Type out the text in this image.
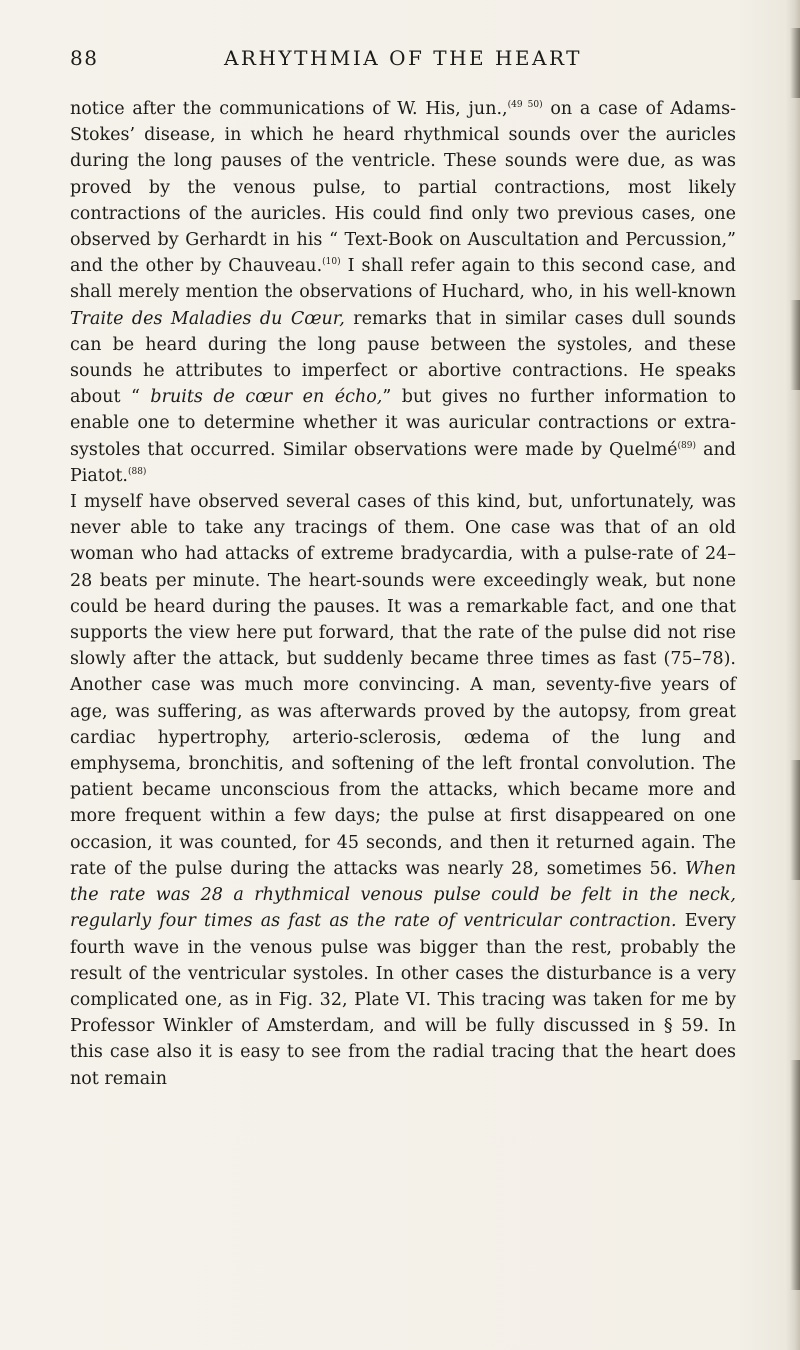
88	ARHYTHMIA OF THE HEART

notice after the communications of W. His, jun.,$^{(49 50)}$ on a case of Adams-Stokes’ disease, in which he heard rhythmical sounds over the auricles during the long pauses of the ventricle. These sounds were due, as was proved by the venous pulse, to partial contractions, most likely contractions of the auricles. His could find only two previous cases, one observed by Gerhardt in his “ Text-Book on Auscultation and Percussion,” and the other by Chauveau.$^{(10)}$ I shall refer again to this second case, and shall merely mention the observations of Huchard, who, in his well-known Traite des Maladies du Cœur, remarks that in similar cases dull sounds can be heard during the long pause between the systoles, and these sounds he attributes to imperfect or abortive contractions. He speaks about “ bruits de cœur en écho,” but gives no further information to enable one to determine whether it was auricular contractions or extra-systoles that occurred. Similar observations were made by Quelmé$^{(89)}$ and Piatot.$^{(88)}$

I myself have observed several cases of this kind, but, unfortunately, was never able to take any tracings of them. One case was that of an old woman who had attacks of extreme bradycardia, with a pulse-rate of 24–28 beats per minute. The heart-sounds were exceedingly weak, but none could be heard during the pauses. It was a remarkable fact, and one that supports the view here put forward, that the rate of the pulse did not rise slowly after the attack, but suddenly became three times as fast (75–78). Another case was much more convincing. A man, seventy-five years of age, was suffering, as was afterwards proved by the autopsy, from great cardiac hypertrophy, arterio-sclerosis, œdema of the lung and emphysema, bronchitis, and softening of the left frontal convolution. The patient became unconscious from the attacks, which became more and more frequent within a few days; the pulse at first disappeared on one occasion, it was counted, for 45 seconds, and then it returned again. The rate of the pulse during the attacks was nearly 28, sometimes 56. When the rate was 28 a rhythmical venous pulse could be felt in the neck, regularly four times as fast as the rate of ventricular contraction. Every fourth wave in the venous pulse was bigger than the rest, probably the result of the ventricular systoles. In other cases the disturbance is a very complicated one, as in Fig. 32, Plate VI. This tracing was taken for me by Professor Winkler of Amsterdam, and will be fully discussed in § 59. In this case also it is easy to see from the radial tracing that the heart does not remain
